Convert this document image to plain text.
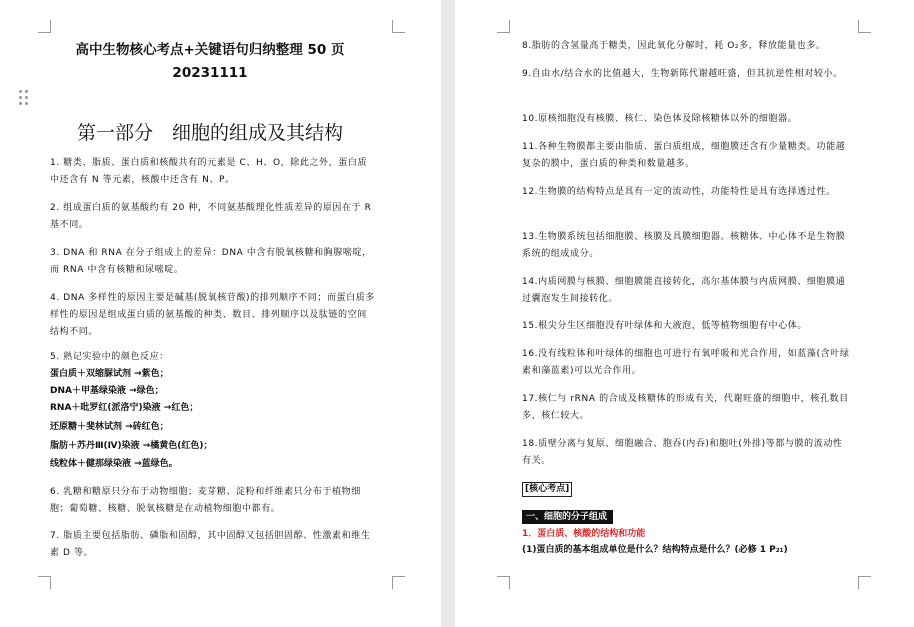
高中生物核心考点+关键语句归纳整理 50 页
20231111
第一部分　细胞的组成及其结构

1. 糖类、脂质、蛋白质和核酸共有的元素是 C、H、O，除此之外，蛋白质中还含有 N 等元素，核酸中还含有 N、P。

2. 组成蛋白质的氨基酸约有 20 种，不同氨基酸理化性质差异的原因在于 R 基不同。

3. DNA 和 RNA 在分子组成上的差异：DNA 中含有脱氧核糖和胸腺嘧啶，而 RNA 中含有核糖和尿嘧啶。

4. DNA 多样性的原因主要是碱基(脱氧核苷酸)的排列顺序不同；而蛋白质多样性的原因是组成蛋白质的氨基酸的种类、数目、排列顺序以及肽链的空间结构不同。

5. 熟记实验中的颜色反应：

蛋白质＋双缩脲试剂 →紫色；

DNA＋甲基绿染液 →绿色；

RNA＋吡罗红(派洛宁)染液 →红色；

还原糖＋斐林试剂 →砖红色；

脂肪＋苏丹Ⅲ(Ⅳ)染液 →橘黄色(红色)；

线粒体＋健那绿染液 →蓝绿色。

6. 乳糖和糖原只分布于动物细胞；麦芽糖、淀粉和纤维素只分布于植物细胞；葡萄糖、核糖、脱氧核糖是在动植物细胞中都有。

7. 脂质主要包括脂肪、磷脂和固醇，其中固醇又包括胆固醇、性激素和维生素 D 等。

8.脂肪的含氢量高于糖类，因此氧化分解时，耗 O₂多，释放能量也多。

9.自由水/结合水的比值越大，生物新陈代谢越旺盛，但其抗逆性相对较小。

10.原核细胞没有核膜、核仁、染色体及除核糖体以外的细胞器。

11.各种生物膜都主要由脂质、蛋白质组成，细胞膜还含有少量糖类。功能越复杂的膜中，蛋白质的种类和数量越多。

12.生物膜的结构特点是具有一定的流动性，功能特性是具有选择透过性。

13.生物膜系统包括细胞膜、核膜及具膜细胞器。核糖体、中心体不是生物膜系统的组成成分。

14.内质网膜与核膜、细胞膜能直接转化，高尔基体膜与内质网膜、细胞膜通过囊泡发生间接转化。

15.根尖分生区细胞没有叶绿体和大液泡，低等植物细胞有中心体。

16.没有线粒体和叶绿体的细胞也可进行有氧呼吸和光合作用，如蓝藻(含叶绿素和藻蓝素)可以光合作用。

17.核仁与 rRNA 的合成及核糖体的形成有关，代谢旺盛的细胞中，核孔数目多，核仁较大。

18.质壁分离与复原、细胞融合、胞吞(内吞)和胞吐(外排)等都与膜的流动性有关。

[核心考点]
一、细胞的分子组成
1．蛋白质、核酸的结构和功能
(1)蛋白质的基本组成单位是什么？结构特点是什么？(必修 1 P₂₁)
